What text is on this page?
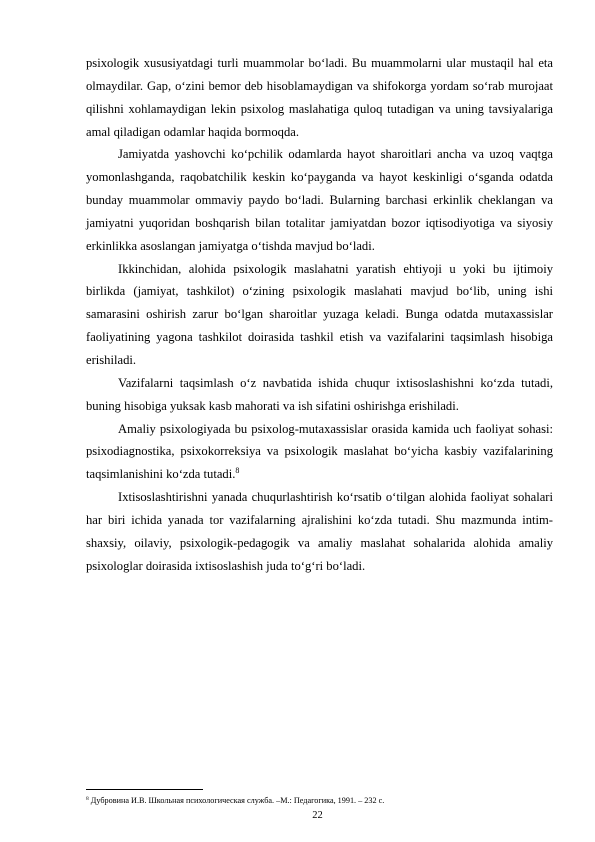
psixologik xususiyatdagi turli muammolar bo‘ladi. Bu muammolarni ular mustaqil hal eta olmaydilar. Gap, o‘zini bemor deb hisoblamaydigan va shifokorga yordam so‘rab murojaat qilishni xohlamaydigan lekin psixolog maslahatiga quloq tutadigan va uning tavsiyalariga amal qiladigan odamlar haqida bormoqda.

Jamiyatda yashovchi ko‘pchilik odamlarda hayot sharoitlari ancha va uzoq vaqtga yomonlashganda, raqobatchilik keskin ko‘payganda va hayot keskinligi o‘sganda odatda bunday muammolar ommaviy paydo bo‘ladi. Bularning barchasi erkinlik cheklangan va jamiyatni yuqoridan boshqarish bilan totalitar jamiyatdan bozor iqtisodiyotiga va siyosiy erkinlikka asoslangan jamiyatga o‘tishda mavjud bo‘ladi.

Ikkinchidan, alohida psixologik maslahatni yaratish ehtiyoji u yoki bu ijtimoiy birlikda (jamiyat, tashkilot) o‘zining psixologik maslahati mavjud bo‘lib, uning ishi samarasini oshirish zarur bo‘lgan sharoitlar yuzaga keladi. Bunga odatda mutaxassislar faoliyatining yagona tashkilot doirasida tashkil etish va vazifalarini taqsimlash hisobiga erishiladi.

Vazifalarni taqsimlash o‘z navbatida ishida chuqur ixtisoslashishni ko‘zda tutadi, buning hisobiga yuksak kasb mahorati va ish sifatini oshirishga erishiladi.

Amaliy psixologiyada bu psixolog-mutaxassislar orasida kamida uch faoliyat sohasi: psixodiagnostika, psixokorreksiya va psixologik maslahat bo‘yicha kasbiy vazifalarining taqsimlanishini ko‘zda tutadi.$^8$

Ixtisoslashtirishni yanada chuqurlashtirish ko‘rsatib o‘tilgan alohida faoliyat sohalari har biri ichida yanada tor vazifalarning ajralishini ko‘zda tutadi. Shu mazmunda intim-shaxsiy, oilaviy, psixologik-pedagogik va amaliy maslahat sohalarida alohida amaliy psixologlar doirasida ixtisoslashish juda to‘g‘ri bo‘ladi.

$^8$ Дубровина И.В. Школьная психологическая служба. –М.: Педагогика, 1991. – 232 с.
22
